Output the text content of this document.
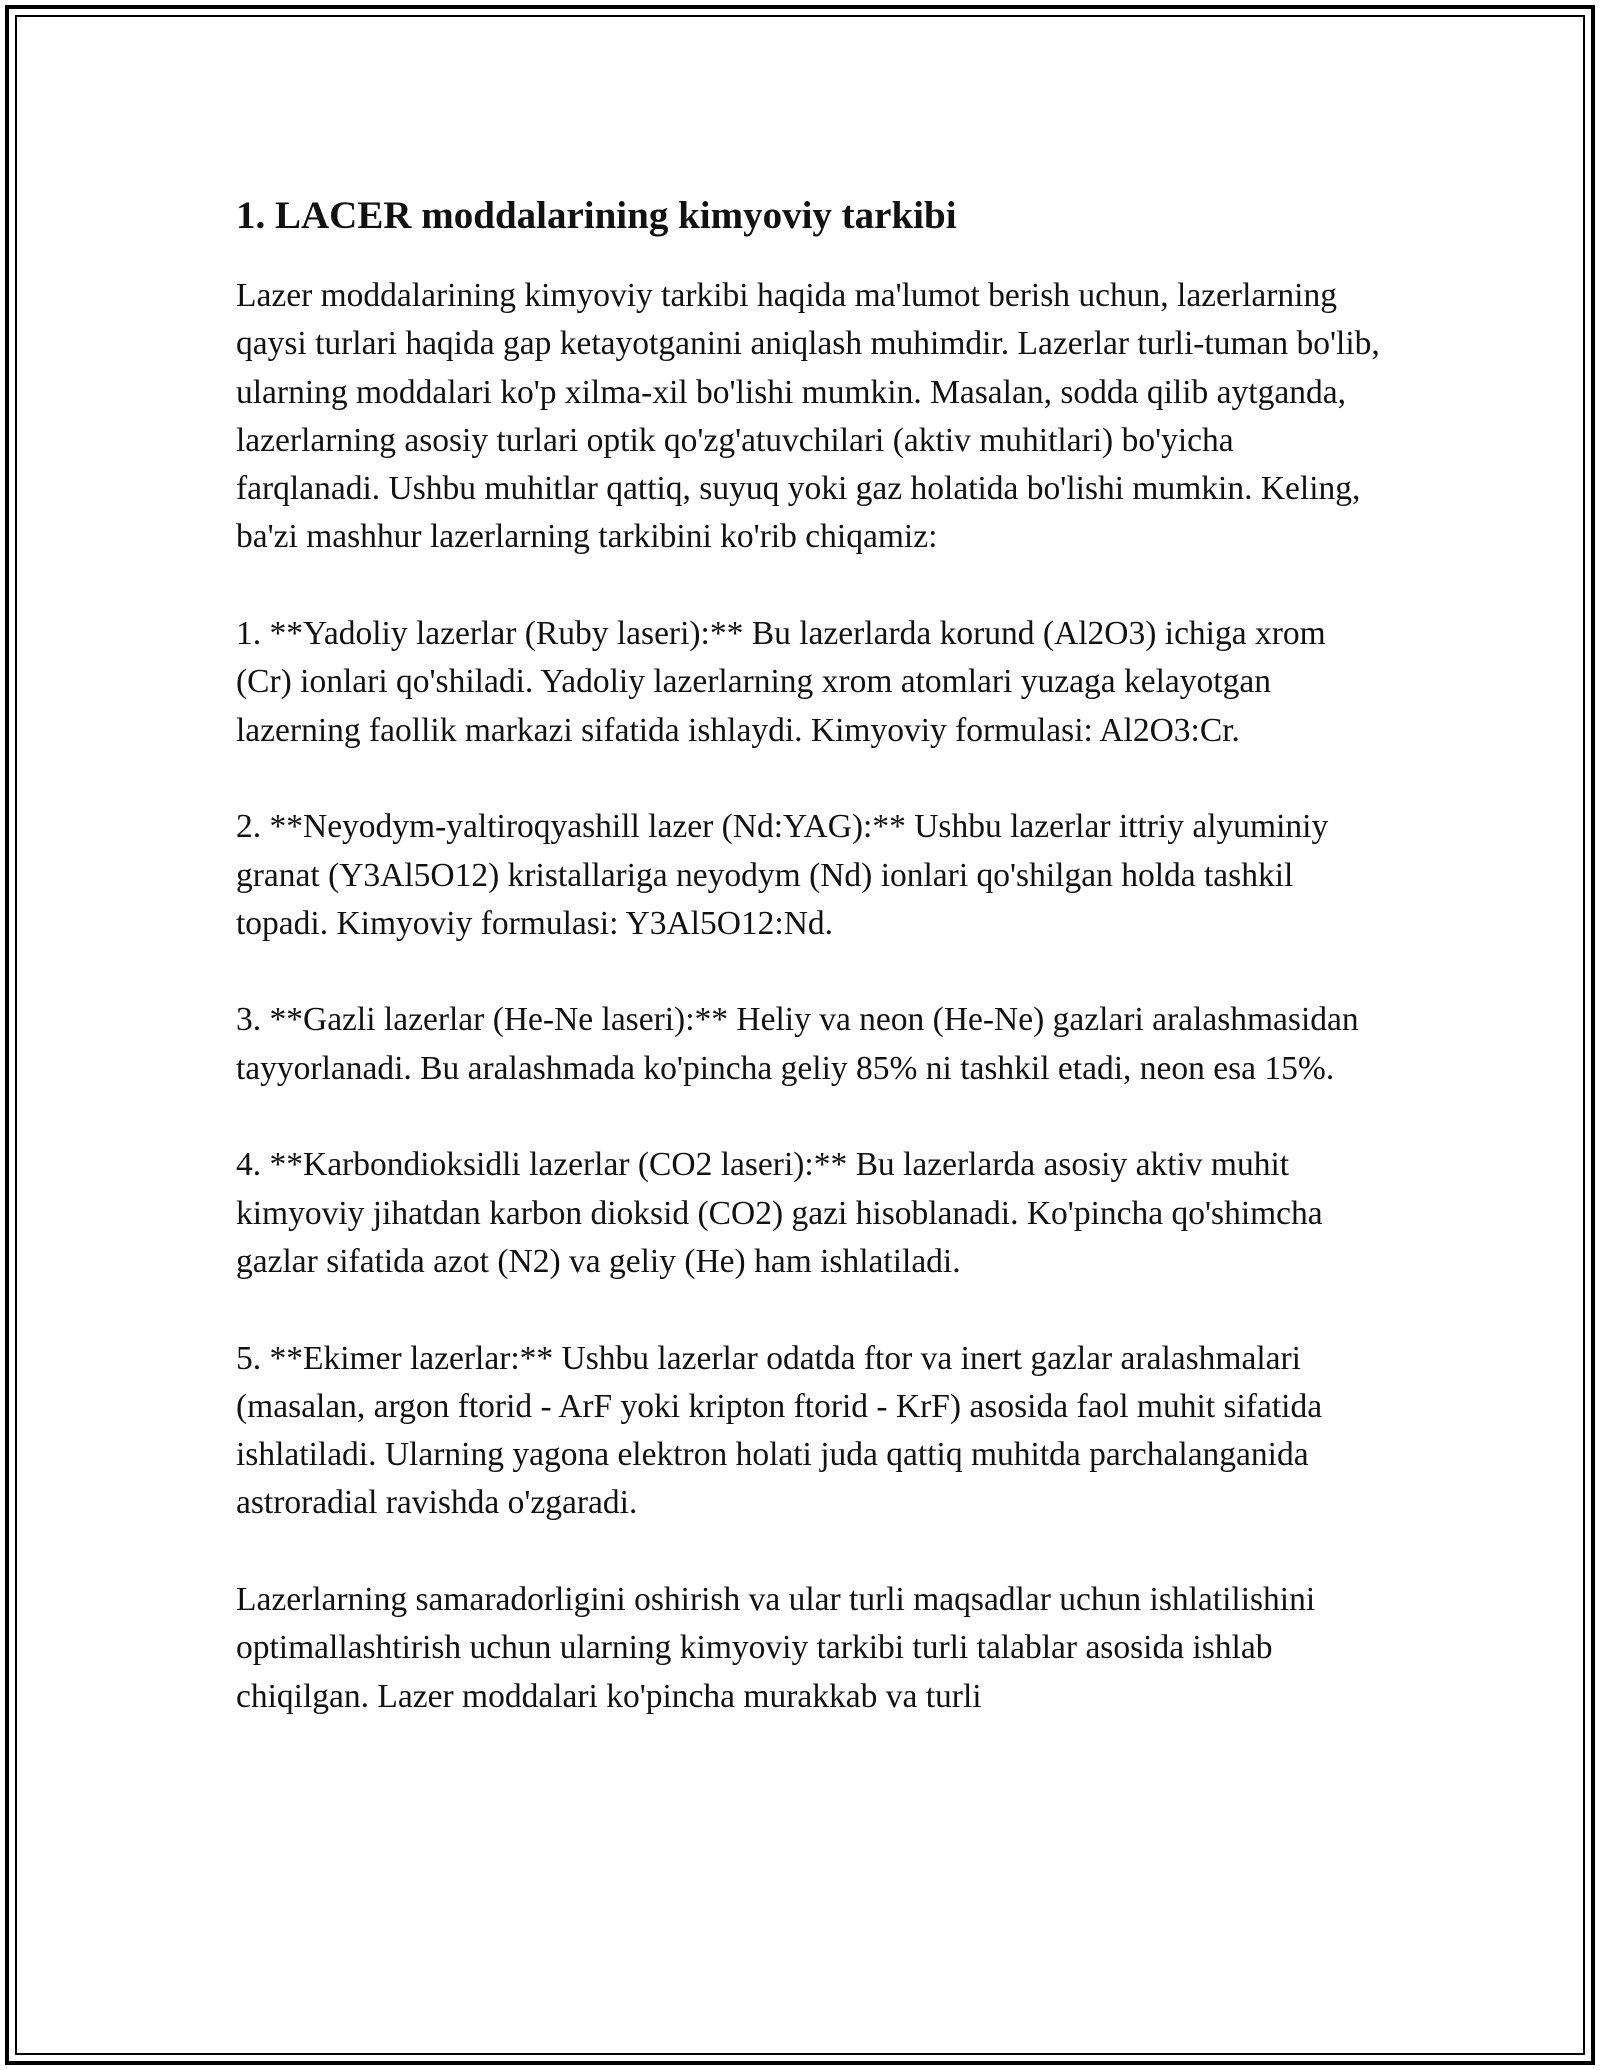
1. LACER moddalarining kimyoviy tarkibi

Lazer moddalarining kimyoviy tarkibi haqida ma'lumot berish uchun, lazerlarning qaysi turlari haqida gap ketayotganini aniqlash muhimdir. Lazerlar turli-tuman bo'lib, ularning moddalari ko'p xilma-xil bo'lishi mumkin. Masalan, sodda qilib aytganda, lazerlarning asosiy turlari optik qo'zg'atuvchilari (aktiv muhitlari) bo'yicha farqlanadi. Ushbu muhitlar qattiq, suyuq yoki gaz holatida bo'lishi mumkin. Keling, ba'zi mashhur lazerlarning tarkibini ko'rib chiqamiz:

1. **Yadoliy lazerlar (Ruby laseri):** Bu lazerlarda korund (Al2O3) ichiga xrom (Cr) ionlari qo'shiladi. Yadoliy lazerlarning xrom atomlari yuzaga kelayotgan lazerning faollik markazi sifatida ishlaydi. Kimyoviy formulasi: Al2O3:Cr.

2. **Neyodym-yaltiroqyashill lazer (Nd:YAG):** Ushbu lazerlar ittriy alyuminiy granat (Y3Al5O12) kristallariga neyodym (Nd) ionlari qo'shilgan holda tashkil topadi. Kimyoviy formulasi: Y3Al5O12:Nd.

3. **Gazli lazerlar (He-Ne laseri):** Heliy va neon (He-Ne) gazlari aralashmasidan tayyorlanadi. Bu aralashmada ko'pincha geliy 85% ni tashkil etadi, neon esa 15%.

4. **Karbondioksidli lazerlar (CO2 laseri):** Bu lazerlarda asosiy aktiv muhit kimyoviy jihatdan karbon dioksid (CO2) gazi hisoblanadi. Ko'pincha qo'shimcha gazlar sifatida azot (N2) va geliy (He) ham ishlatiladi.

5. **Ekimer lazerlar:** Ushbu lazerlar odatda ftor va inert gazlar aralashmalari (masalan, argon ftorid - ArF yoki kripton ftorid - KrF) asosida faol muhit sifatida ishlatiladi. Ularning yagona elektron holati juda qattiq muhitda parchalanganida astroradial ravishda o'zgaradi.

Lazerlarning samaradorligini oshirish va ular turli maqsadlar uchun ishlatilishini optimallashtirish uchun ularning kimyoviy tarkibi turli talablar asosida ishlab chiqilgan. Lazer moddalari ko'pincha murakkab va turli
